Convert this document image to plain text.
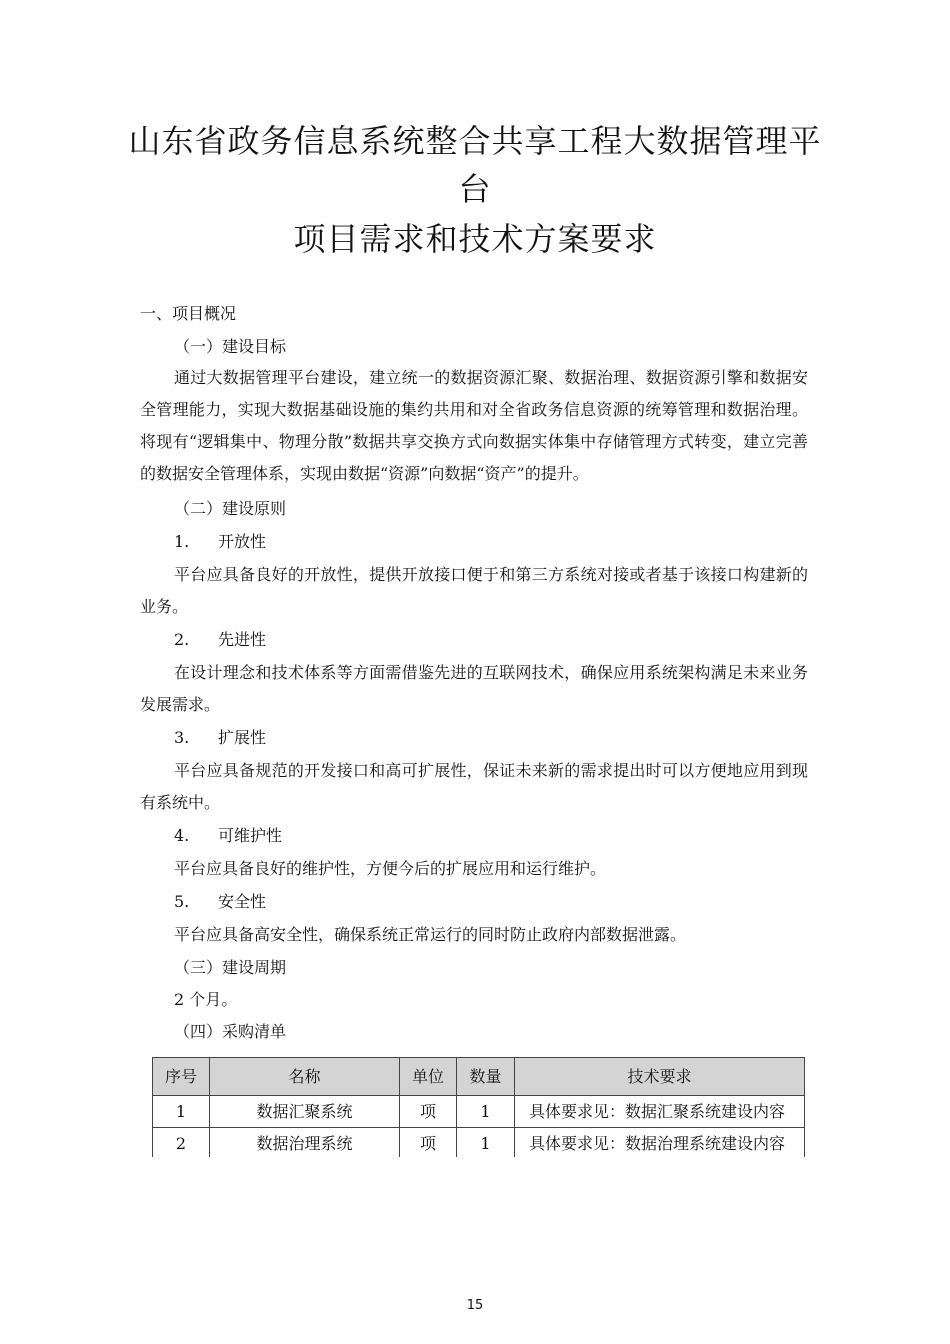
山东省政务信息系统整合共享工程大数据管理平
台
项目需求和技术方案要求
一、项目概况
（一）建设目标
通过大数据管理平台建设，建立统一的数据资源汇聚、数据治理、数据资源引擎和数据安全管理能力，实现大数据基础设施的集约共用和对全省政务信息资源的统筹管理和数据治理。将现有“逻辑集中、物理分散”数据共享交换方式向数据实体集中存储管理方式转变，建立完善的数据安全管理体系，实现由数据“资源”向数据“资产”的提升。
（二）建设原则
1. 开放性
平台应具备良好的开放性，提供开放接口便于和第三方系统对接或者基于该接口构建新的业务。
2. 先进性
在设计理念和技术体系等方面需借鉴先进的互联网技术，确保应用系统架构满足未来业务发展需求。
3. 扩展性
平台应具备规范的开发接口和高可扩展性，保证未来新的需求提出时可以方便地应用到现有系统中。
4. 可维护性
平台应具备良好的维护性，方便今后的扩展应用和运行维护。
5. 安全性
平台应具备高安全性，确保系统正常运行的同时防止政府内部数据泄露。
（三）建设周期
2 个月。
（四）采购清单
序号	名称	单位	数量	技术要求
1	数据汇聚系统	项	1	具体要求见：数据汇聚系统建设内容
2	数据治理系统	项	1	具体要求见：数据治理系统建设内容
15
